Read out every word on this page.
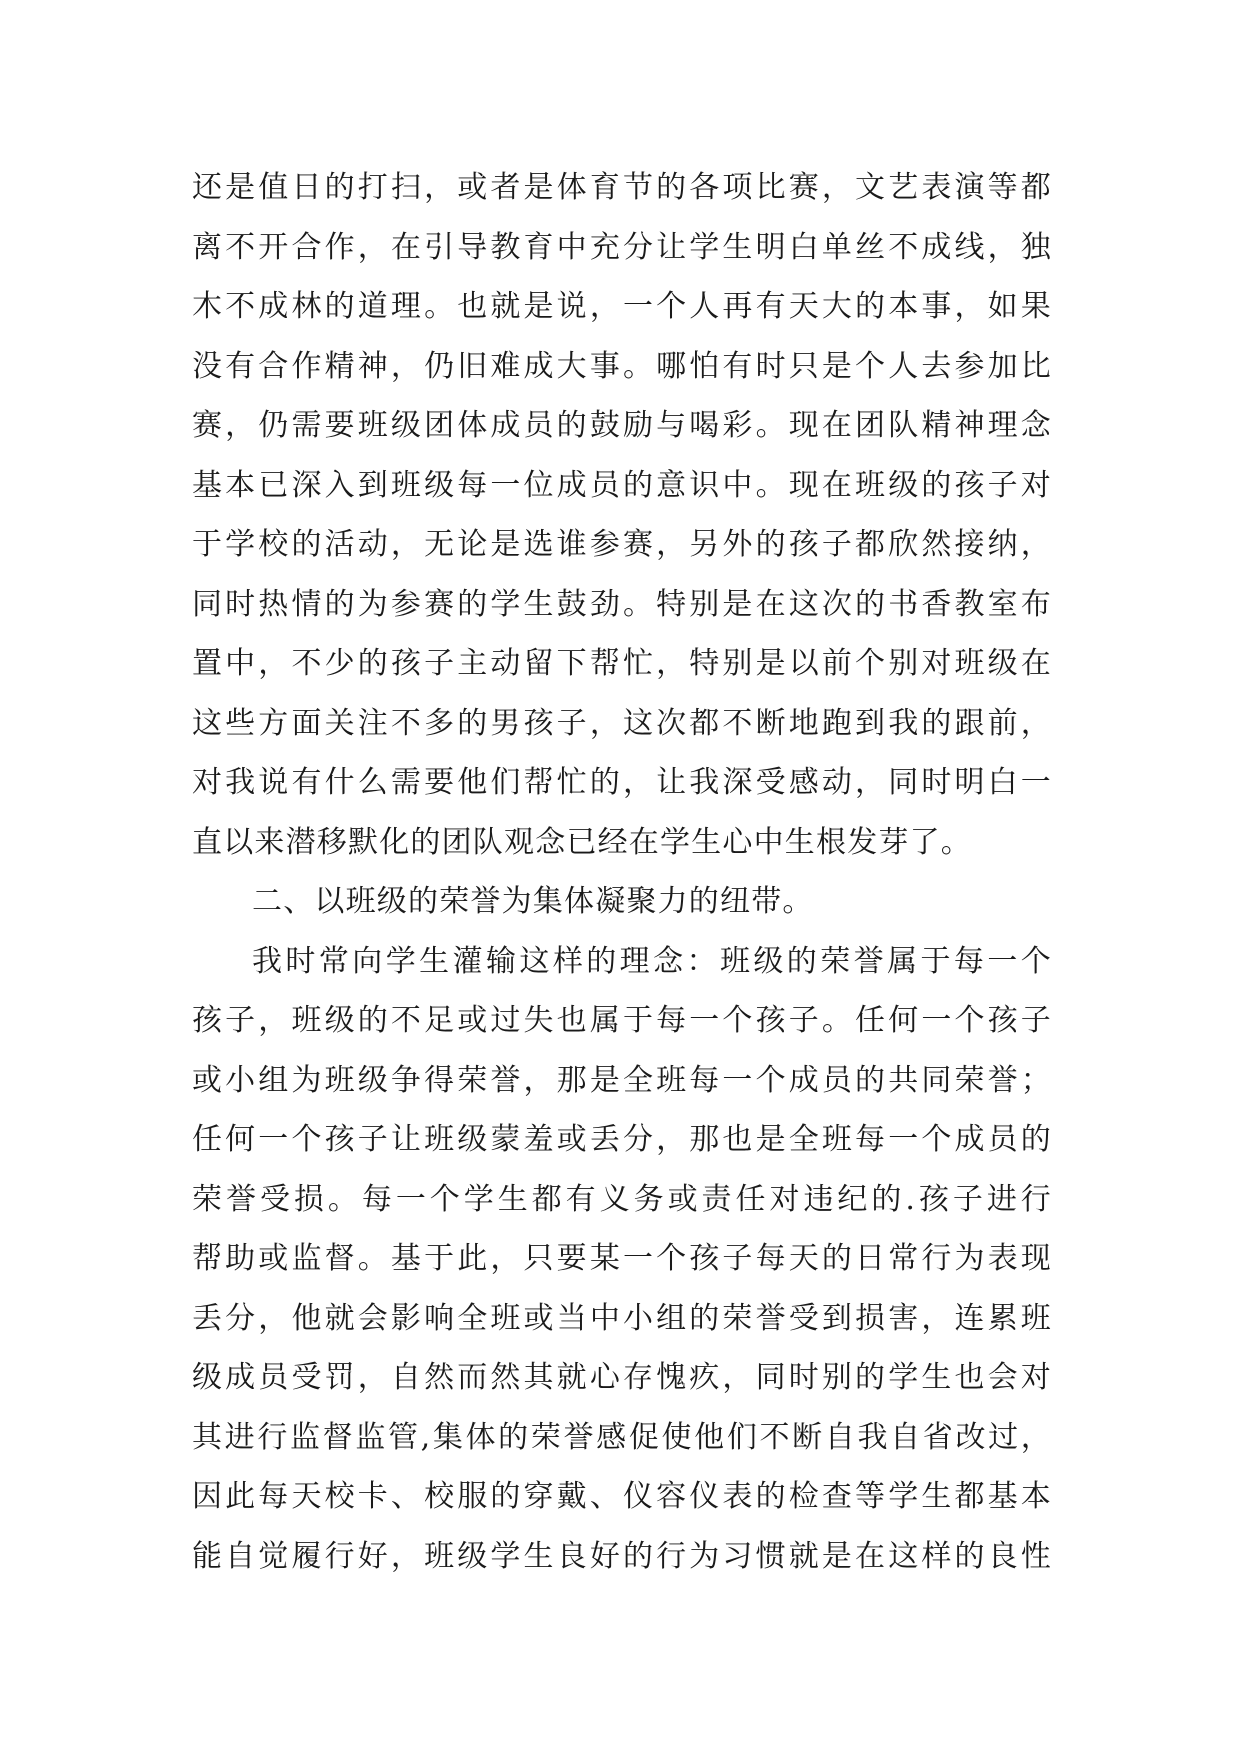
还是值日的打扫，或者是体育节的各项比赛，文艺表演等都
离不开合作，在引导教育中充分让学生明白单丝不成线，独
木不成林的道理。也就是说，一个人再有天大的本事，如果
没有合作精神，仍旧难成大事。哪怕有时只是个人去参加比
赛，仍需要班级团体成员的鼓励与喝彩。现在团队精神理念
基本已深入到班级每一位成员的意识中。现在班级的孩子对
于学校的活动，无论是选谁参赛，另外的孩子都欣然接纳，
同时热情的为参赛的学生鼓劲。特别是在这次的书香教室布
置中，不少的孩子主动留下帮忙，特别是以前个别对班级在
这些方面关注不多的男孩子，这次都不断地跑到我的跟前，
对我说有什么需要他们帮忙的，让我深受感动，同时明白一
直以来潜移默化的团队观念已经在学生心中生根发芽了。
二、以班级的荣誉为集体凝聚力的纽带。
我时常向学生灌输这样的理念：班级的荣誉属于每一个
孩子，班级的不足或过失也属于每一个孩子。任何一个孩子
或小组为班级争得荣誉，那是全班每一个成员的共同荣誉；
任何一个孩子让班级蒙羞或丢分，那也是全班每一个成员的
荣誉受损。每一个学生都有义务或责任对违纪的.孩子进行
帮助或监督。基于此，只要某一个孩子每天的日常行为表现
丢分，他就会影响全班或当中小组的荣誉受到损害，连累班
级成员受罚，自然而然其就心存愧疚，同时别的学生也会对
其进行监督监管,集体的荣誉感促使他们不断自我自省改过，
因此每天校卡、校服的穿戴、仪容仪表的检查等学生都基本
能自觉履行好，班级学生良好的行为习惯就是在这样的良性
